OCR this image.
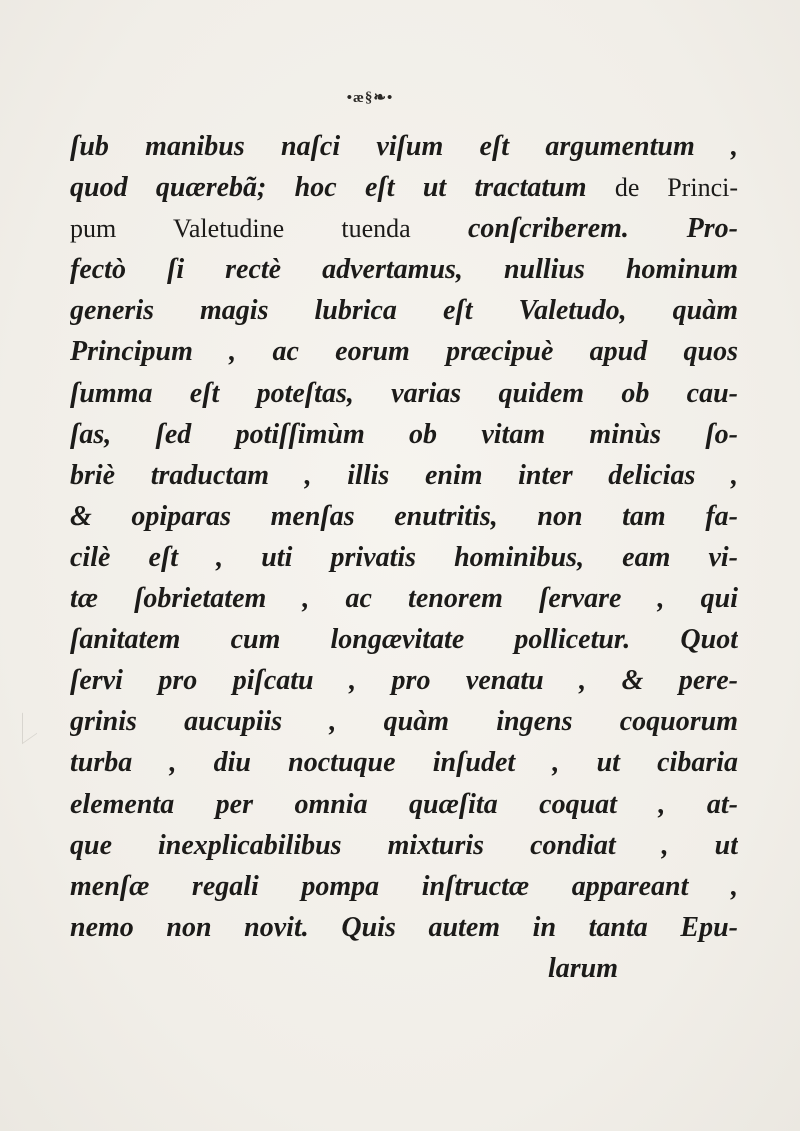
•ӕ§❧•
ſub manibus naſci viſum eſt argumentum ,
quod quærebã; hoc eſt ut tractatum de Princi-
pum Valetudine tuenda conſcriberem. Pro-
fectò ſi rectè advertamus, nullius hominum
generis magis lubrica eſt Valetudo, quàm
Principum , ac eorum præcipuè apud quos
ſumma eſt poteſtas, varias quidem ob cau-
ſas, ſed potiſſimùm ob vitam minùs ſo-
briè traductam , illis enim inter delicias ,
& opiparas menſas enutritis, non tam fa-
cilè eſt , uti privatis hominibus, eam vi-
tæ ſobrietatem , ac tenorem ſervare , qui
ſanitatem cum longævitate pollicetur. Quot
ſervi pro piſcatu , pro venatu , & pere-
grinis aucupiis , quàm ingens coquorum
turba , diu noctuque inſudet , ut cibaria
elementa per omnia quæſita coquat , at-
que inexplicabilibus mixturis condiat , ut
menſæ regali pompa inſtructæ appareant ,
nemo non novit. Quis autem in tanta Epu-
larum
